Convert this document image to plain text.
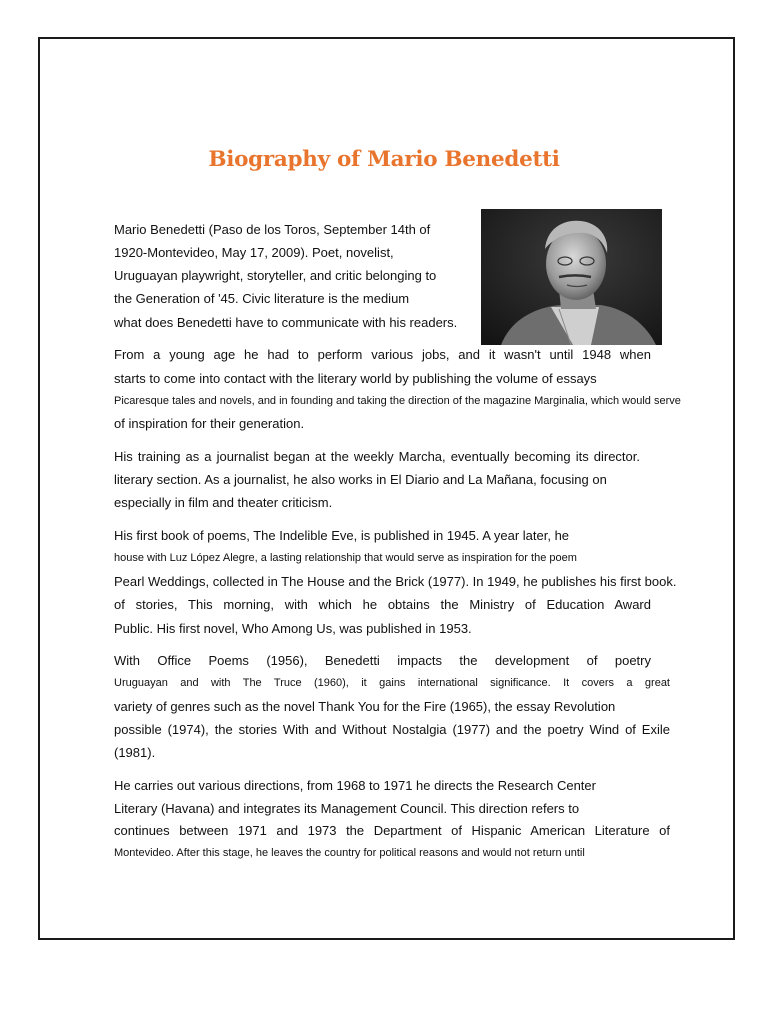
Biography of Mario Benedetti
Mario Benedetti (Paso de los Toros, September 14th of
1920-Montevideo, May 17, 2009). Poet, novelist,
Uruguayan playwright, storyteller, and critic belonging to
the Generation of '45. Civic literature is the medium
what does Benedetti have to communicate with his readers.
From a young age he had to perform various jobs, and it wasn't until 1948 when
starts to come into contact with the literary world by publishing the volume of essays
Picaresque tales and novels, and in founding and taking the direction of the magazine Marginalia, which would serve
of inspiration for their generation.
His training as a journalist began at the weekly Marcha, eventually becoming its director.
literary section. As a journalist, he also works in El Diario and La Mañana, focusing on
especially in film and theater criticism.
His first book of poems, The Indelible Eve, is published in 1945. A year later, he
house with Luz López Alegre, a lasting relationship that would serve as inspiration for the poem
Pearl Weddings, collected in The House and the Brick (1977). In 1949, he publishes his first book.
of stories, This morning, with which he obtains the Ministry of Education Award
Public. His first novel, Who Among Us, was published in 1953.
With Office Poems (1956), Benedetti impacts the development of poetry
Uruguayan and with The Truce (1960), it gains international significance. It covers a great
variety of genres such as the novel Thank You for the Fire (1965), the essay Revolution
possible (1974), the stories With and Without Nostalgia (1977) and the poetry Wind of Exile
(1981).
He carries out various directions, from 1968 to 1971 he directs the Research Center
Literary (Havana) and integrates its Management Council. This direction refers to
continues between 1971 and 1973 the Department of Hispanic American Literature of
Montevideo. After this stage, he leaves the country for political reasons and would not return until
